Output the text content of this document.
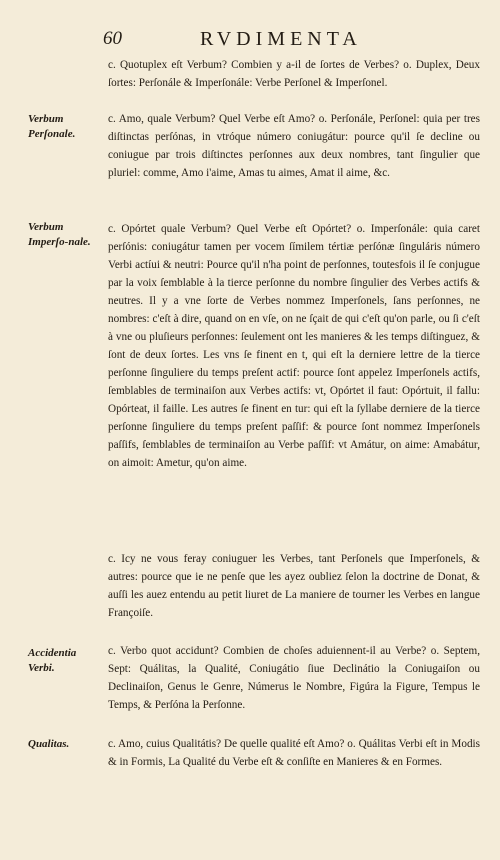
60	RVDIMENTA
Verbum Perſonale.
Verbum Imperſo-nale.
Accidentia Verbi.
Qualitas.

c. Quotuplex eſt Verbum? Combien y a-il de ſortes de Verbes? o. Duplex, Deux ſortes: Perſonále & Imperſonále: Verbe Perſonel & Imperſonel.

c. Amo, quale Verbum? Quel Verbe eſt Amo? o. Perſonále, Perſonel: quia per tres diſtinctas perſónas, in vtróque número coniugátur: pource qu'il ſe decline ou coniugue par trois diſtinctes perſonnes aux deux nombres, tant ſingulier que pluriel: comme, Amo i'aime, Amas tu aimes, Amat il aime, &c.

c. Opórtet quale Verbum? Quel Verbe eſt Opórtet? o. Imperſonále: quia caret perſónis: coniugátur tamen per vocem ſímilem tértiæ perſónæ ſinguláris número Verbi actíui & neutri: Pource qu'il n'ha point de perſonnes, toutesfois il ſe conjugue par la voix ſemblable à la tierce perſonne du nombre ſingulier des Verbes actifs & neutres. Il y a vne ſorte de Verbes nommez Imperſonels, ſans perſonnes, ne nombres: c'eſt à dire, quand on en vſe, on ne ſçait de qui c'eſt qu'on parle, ou ſi c'eſt à vne ou pluſieurs perſonnes: ſeulement ont les manieres & les temps diſtinguez, & ſont de deux ſortes. Les vns ſe finent en t, qui eſt la derniere lettre de la tierce perſonne ſinguliere du temps preſent actif: pource ſont appelez Imperſonels actifs, ſemblables de terminaiſon aux Verbes actifs: vt, Opórtet il faut: Opórtuit, il fallu: Opórteat, il faille. Les autres ſe finent en tur: qui eſt la ſyllabe derniere de la tierce perſonne ſinguliere du temps preſent paſſif: & pource ſont nommez Imperſonels paſſifs, ſemblables de terminaiſon au Verbe paſſif: vt Amátur, on aime: Amabátur, on aimoit: Ametur, qu'on aime.

c. Icy ne vous feray coniuguer les Verbes, tant Perſonels que Imperſonels, & autres: pource que ie ne penſe que les ayez oubliez ſelon la doctrine de Donat, & auſſi les auez entendu au petit liuret de La maniere de tourner les Verbes en langue Françoiſe.

c. Verbo quot accidunt? Combien de choſes aduiennent-il au Verbe? o. Septem, Sept: Quálitas, la Qualité, Coniugátio ſiue Declinátio la Coniugaiſon ou Declinaiſon, Genus le Genre, Númerus le Nombre, Figúra la Figure, Tempus le Temps, & Perſóna la Perſonne.

c. Amo, cuius Qualitátis? De quelle qualité eſt Amo? o. Quálitas Verbi eſt in Modis & in Formis, La Qualité du Verbe eſt & conſiſte en Manieres & en Formes.
